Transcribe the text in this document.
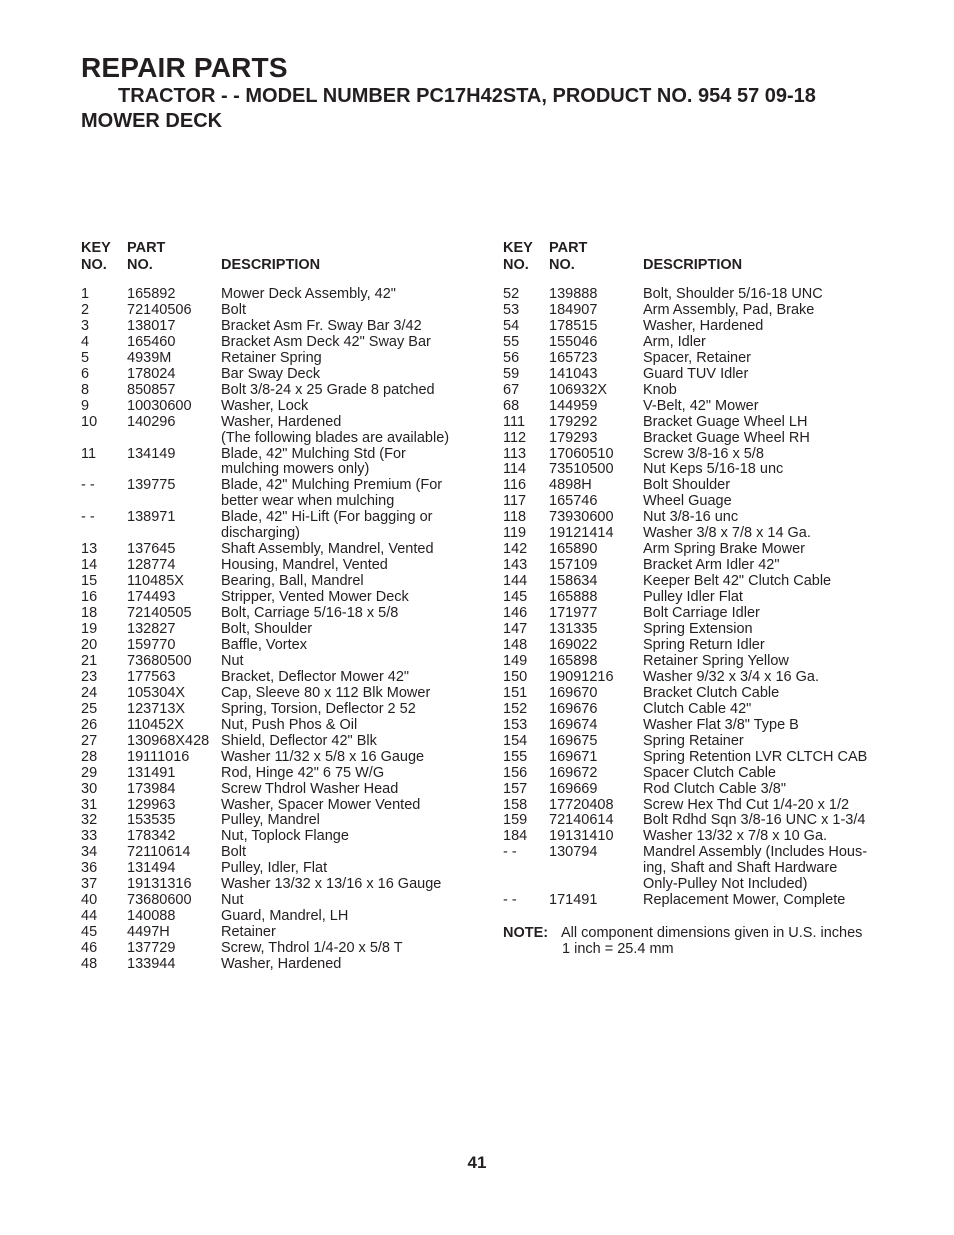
REPAIR PARTS
TRACTOR - - MODEL NUMBER PC17H42STA, PRODUCT NO. 954 57 09-18
MOWER DECK
KEY
NO.
PART
NO.	DESCRIPTION
1	165892	Mower Deck Assembly, 42"
2	72140506	Bolt
3	138017	Bracket Asm Fr. Sway Bar 3/42
4	165460	Bracket Asm Deck 42" Sway Bar
5	4939M	Retainer Spring
6	178024	Bar Sway Deck
8	850857	Bolt 3/8-24 x 25 Grade 8 patched
9	10030600	Washer, Lock
10	140296	Washer, Hardened
(The following blades are available)
11	134149	Blade, 42" Mulching Std (For
mulching mowers only)
- -	139775	Blade, 42" Mulching Premium (For
better wear when mulching
- -	138971	Blade, 42" Hi-Lift (For bagging or
discharging)
13	137645	Shaft Assembly, Mandrel, Vented
14	128774	Housing, Mandrel, Vented
15	110485X	Bearing, Ball, Mandrel
16	174493	Stripper, Vented Mower Deck
18	72140505	Bolt, Carriage 5/16-18 x 5/8
19	132827	Bolt, Shoulder
20	159770	Baffle, Vortex
21	73680500	Nut
23	177563	Bracket, Deflector Mower 42"
24	105304X	Cap, Sleeve 80 x 112 Blk Mower
25	123713X	Spring, Torsion, Deflector 2 52
26	110452X	Nut, Push Phos & Oil
27	130968X428 Shield, Deflector 42" Blk
28	19111016	Washer 11/32 x 5/8 x 16 Gauge
29	131491	Rod, Hinge 42" 6 75 W/G
30	173984	Screw Thdrol Washer Head
31	129963	Washer, Spacer Mower Vented
32	153535	Pulley, Mandrel
33	178342	Nut, Toplock Flange
34	72110614	Bolt
36	131494	Pulley, Idler, Flat
37	19131316	Washer 13/32 x 13/16 x 16 Gauge
40	73680600	Nut
44	140088	Guard, Mandrel, LH
45	4497H	Retainer
46	137729	Screw, Thdrol 1/4-20 x 5/8 T
48	133944	Washer, Hardened
KEY
NO.
PART
NO.	DESCRIPTION
52	139888	Bolt, Shoulder 5/16-18 UNC
53	184907	Arm Assembly, Pad, Brake
54	178515	Washer, Hardened
55	155046	Arm, Idler
56	165723	Spacer, Retainer
59	141043	Guard TUV Idler
67	106932X	Knob
68	144959	V-Belt, 42" Mower
111	179292	Bracket Guage Wheel LH
112	179293	Bracket Guage Wheel RH
113	17060510	Screw 3/8-16 x 5/8
114	73510500	Nut Keps 5/16-18 unc
116	4898H	Bolt Shoulder
117	165746	Wheel Guage
118	73930600	Nut 3/8-16 unc
119	19121414	Washer 3/8 x 7/8 x 14 Ga.
142	165890	Arm Spring Brake Mower
143	157109	Bracket Arm Idler 42"
144	158634	Keeper Belt 42" Clutch Cable
145	165888	Pulley Idler Flat
146	171977	Bolt Carriage Idler
147	131335	Spring Extension
148	169022	Spring Return Idler
149	165898	Retainer Spring Yellow
150	19091216	Washer 9/32 x 3/4 x 16 Ga.
151	169670	Bracket Clutch Cable
152	169676	Clutch Cable 42"
153	169674	Washer Flat 3/8" Type B
154	169675	Spring Retainer
155	169671	Spring Retention LVR CLTCH CAB
156	169672	Spacer Clutch Cable
157	169669	Rod Clutch Cable 3/8"
158	17720408	Screw Hex Thd Cut 1/4-20 x 1/2
159	72140614	Bolt Rdhd Sqn 3/8-16 UNC x 1-3/4
184	19131410	Washer 13/32 x 7/8 x 10 Ga.
- -	130794	Mandrel Assembly (Includes Hous-
ing, Shaft and Shaft Hardware
Only-Pulley Not Included)
- -	171491	Replacement Mower, Complete
NOTE: All component dimensions given in U.S. inches
1 inch = 25.4 mm
41
